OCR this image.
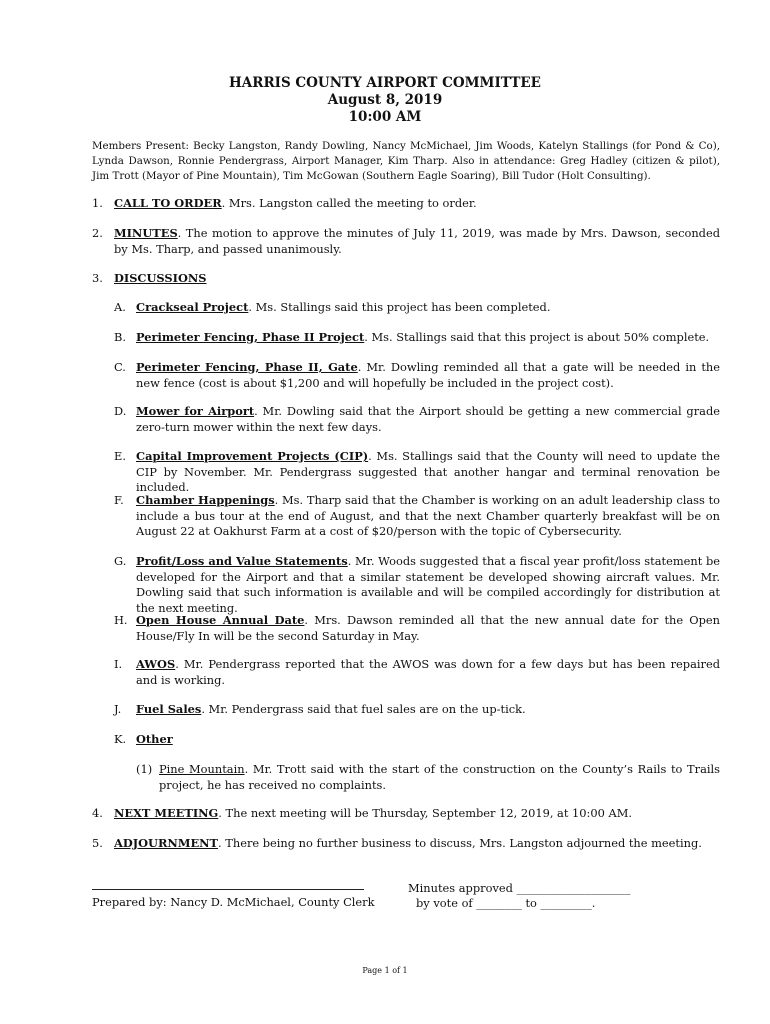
HARRIS COUNTY AIRPORT COMMITTEE
August 8, 2019
10:00 AM
Members Present: Becky Langston, Randy Dowling, Nancy McMichael, Jim Woods, Katelyn Stallings (for Pond & Co), Lynda Dawson, Ronnie Pendergrass, Airport Manager, Kim Tharp. Also in attendance: Greg Hadley (citizen & pilot), Jim Trott (Mayor of Pine Mountain), Tim McGowan (Southern Eagle Soaring), Bill Tudor (Holt Consulting).
1. CALL TO ORDER. Mrs. Langston called the meeting to order.
2. MINUTES. The motion to approve the minutes of July 11, 2019, was made by Mrs. Dawson, seconded by Ms. Tharp, and passed unanimously.
3. DISCUSSIONS
A. Crackseal Project. Ms. Stallings said this project has been completed.
B. Perimeter Fencing, Phase II Project. Ms. Stallings said that this project is about 50% complete.
C. Perimeter Fencing, Phase II, Gate. Mr. Dowling reminded all that a gate will be needed in the new fence (cost is about $1,200 and will hopefully be included in the project cost).
D. Mower for Airport. Mr. Dowling said that the Airport should be getting a new commercial grade zero-turn mower within the next few days.
E. Capital Improvement Projects (CIP). Ms. Stallings said that the County will need to update the CIP by November. Mr. Pendergrass suggested that another hangar and terminal renovation be included.
F. Chamber Happenings. Ms. Tharp said that the Chamber is working on an adult leadership class to include a bus tour at the end of August, and that the next Chamber quarterly breakfast will be on August 22 at Oakhurst Farm at a cost of $20/person with the topic of Cybersecurity.
G. Profit/Loss and Value Statements. Mr. Woods suggested that a fiscal year profit/loss statement be developed for the Airport and that a similar statement be developed showing aircraft values. Mr. Dowling said that such information is available and will be compiled accordingly for distribution at the next meeting.
H. Open House Annual Date. Mrs. Dawson reminded all that the new annual date for the Open House/Fly In will be the second Saturday in May.
I. AWOS. Mr. Pendergrass reported that the AWOS was down for a few days but has been repaired and is working.
J. Fuel Sales. Mr. Pendergrass said that fuel sales are on the up-tick.
K. Other
(1) Pine Mountain. Mr. Trott said with the start of the construction on the County’s Rails to Trails project, he has received no complaints.
4. NEXT MEETING. The next meeting will be Thursday, September 12, 2019, at 10:00 AM.
5. ADJOURNMENT. There being no further business to discuss, Mrs. Langston adjourned the meeting.
Prepared by: Nancy D. McMichael, County Clerk
Minutes approved ____________________
by vote of ________ to _________.
Page 1 of 1
